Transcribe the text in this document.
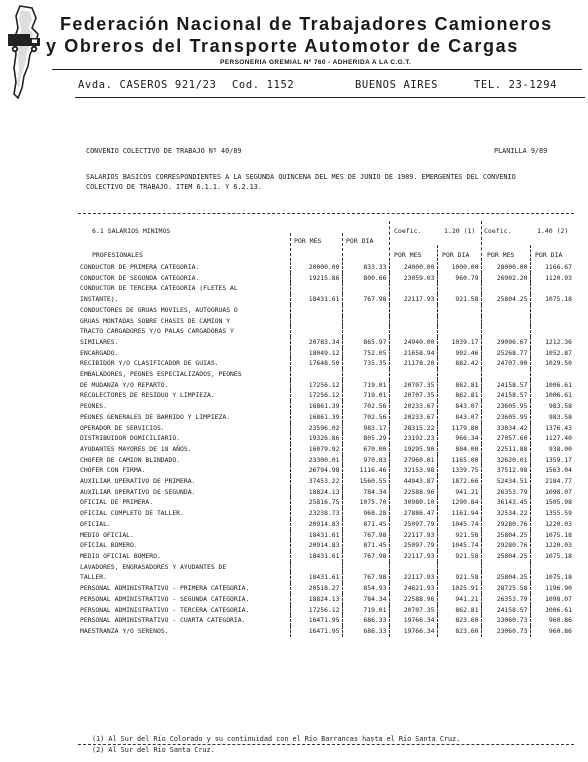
Federación Nacional de Trabajadores Camioneros
y Obreros del Transporte Automotor de Cargas
PERSONERIA GREMIAL Nº 760 - ADHERIDA A LA C.G.T.
Avda. CASEROS 921/23 Cod. 1152	BUENOS AIRES	TEL. 23-1294
CONVENIO COLECTIVO DE TRABAJO Nº 40/89	PLANILLA 9/89
SALARIOS BASICOS CORRESPONDIENTES A LA SEGUNDA QUINCENA DEL MES DE JUNIO DE 1989. EMERGENTES DEL CONVENIO
COLECTIVO DE TRABAJO. ITEM 6.1.1. Y 6.2.13.
6.1 SALARIOS MINIMOS
POR MES	POR DIA
Coefic.	1.20 (1) Coefic.	1.40 (2)
PROFESIONALES	POR MES	POR DIA	POR MES	POR DIA
CONDUCTOR DE PRIMERA CATEGORIA.	20000.00	833.33	24000.00	1000.00	28000.00	1166.67
CONDUCTOR DE SEGUNDA CATEGORIA.	19215.86	800.66	23059.03	960.79	26902.20	1120.93
CONDUCTOR DE TERCERA CATEGORIA (FLETES AL						
INSTANTE).	18431.61	767.98	22117.93	921.58	25804.25	1075.18
CONDUCTORES DE GRUAS MOVILES, AUTOGRUAS O						
GRUAS MONTADAS SOBRE CHASIS DE CAMION Y						
TRACTO CARGADORES Y/O PALAS CARGADORAS Y						
SIMILARES.	20783.34	865.97	24940.00	1039.17	29096.67	1212.36
ENCARGADO.	18049.12	752.05	21658.94	902.46	25268.77	1052.87
RECIBIDOR Y/O CLASIFICADOR DE GUIAS.	17648.50	735.35	21178.20	882.42	24707.90	1029.50
EMBALADORES, PEONES ESPECIALIZADOS, PEONES						
DE MUDANZA Y/O REPARTO.	17256.12	719.01	20707.35	862.81	24158.57	1006.61
RECOLECTORES DE RESIDUO Y LIMPIEZA.	17256.12	719.01	20707.35	862.81	24158.57	1006.61
PEONES.	16861.39	702.56	20233.67	843.07	23605.95	983.58
PEONES GENERALES DE BARRIDO Y LIMPIEZA.	16861.39	702.56	20233.67	843.07	23605.95	983.58
OPERADOR DE SERVICIOS.	23596.02	983.17	28315.22	1179.80	33034.42	1376.43
DISTRIBUIDOR DOMICILIARIO.	19326.86	805.29	23192.23	966.34	27057.60	1127.40
AYUDANTES MAYORES DE 18 AÑOS.	16079.92	670.00	19295.90	804.00	22511.88	938.00
CHOFER DE CAMION BLINDADO.	23300.01	970.83	27960.01	1165.00	32620.01	1359.17
CHOFER CON FIRMA.	26794.98	1116.46	32153.98	1339.75	37512.98	1563.04
AUXILIAR OPERATIVO DE PRIMERA.	37453.22	1560.55	44943.87	1872.66	52434.51	2184.77
AUXILIAR OPERATIVO DE SEGUNDA.	18824.13	784.34	22588.96	941.21	26353.79	1098.07
OFICIAL DE PRIMERA.	25816.75	1075.70	30980.10	1290.84	36143.45	1505.98
OFICIAL COMPLETO DE TALLER.	23238.73	968.28	27886.47	1161.94	32534.22	1355.59
OFICIAL.	20914.83	871.45	25097.79	1045.74	29280.76	1220.03
MEDIO OFICIAL.	18431.61	767.98	22117.93	921.58	25804.25	1075.18
OFICIAL BOMERO.	20914.83	871.45	25097.79	1045.74	29280.76	1220.03
MEDIO OFICIAL BOMERO.	18431.61	767.98	22117.93	921.58	25804.25	1075.18
LAVADORES, ENGRASADORES Y AYUDANTES DE						
TALLER.	18431.61	767.98	22117.93	921.58	25804.25	1075.18
PERSONAL ADMINISTRATIVO - PRIMERA CATEGORIA.	20518.27	854.93	24621.93	1025.91	28725.58	1196.90
PERSONAL ADMINISTRATIVO - SEGUNDA CATEGORIA.	18824.13	784.34	22588.96	941.21	26353.79	1098.07
PERSONAL ADMINISTRATIVO - TERCERA CATEGORIA.	17256.12	719.01	20707.35	862.81	24158.57	1006.61
PERSONAL ADMINISTRATIVO - CUARTA CATEGORIA.	16471.95	686.33	19766.34	823.60	23060.73	960.86
MAESTRANZA Y/O SERENOS.	16471.95	686.33	19766.34	823.60	23060.73	960.86
(1) Al Sur del Río Colorado y su continuidad con el Río Barrancas hasta el Río Santa Cruz.
(2) Al Sur del Río Santa Cruz.
